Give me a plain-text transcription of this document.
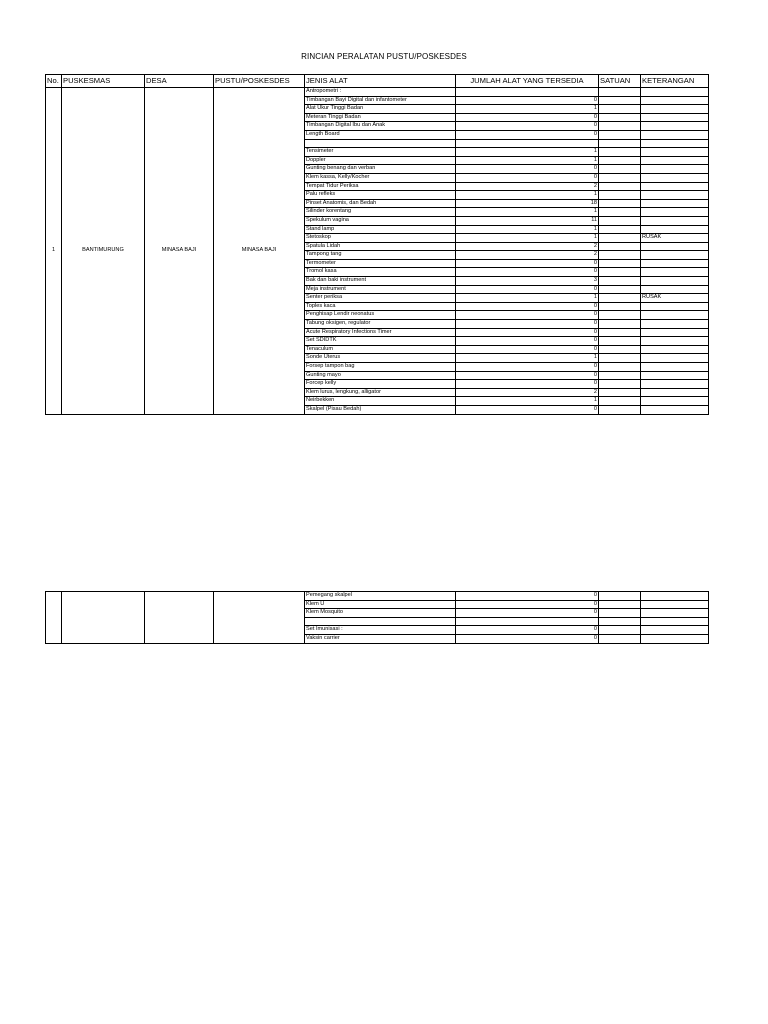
RINCIAN PERALATAN PUSTU/POSKESDES
No.	PUSKESMAS	DESA	PUSTU/POSKESDES	JENIS ALAT	JUMLAH ALAT YANG TERSEDIA	SATUAN	KETERANGAN
1	BANTIMURUNG	MINASA BAJI	MINASA BAJI	Antropometri :			
				Timbangan Bayi Digital dan infantometer	0		
				Alat Ukur Tinggi Badan	1		
				Meteran Tinggi Badan	0		
				Timbangan Digital Ibu dan Anak	0		
				Length Board	0		

				Tensimeter	1		
				Doppler	1		
				Gunting benang dan verban	0		
				Klem kassa, Kelly/Kocher	0		
				Tempat Tidur Periksa	2		
				Palu refleks	1		
				Pinset Anatomis, dan Bedah	18		
				Silinder korentang	1		
				Spekulum vagina	11		
				Stand lamp	1		
				Stetoskop	1		RUSAK
				Spatula Lidah	2		
				Tampong tang	2		
				Termometer	0		
				Tromol kasa	0		
				Bak dan baki instrument	3		
				Meja instrument	0		
				Senter periksa	1		RUSAK
				Toples kaca	0		
				Penghisap Lendir neonatus	0		
				Tabung oksigen, regulator	0		
				Acute Respiratory Infections Timer	0		
				Set SDIDTK	0		
				Tenaculum	0		
				Sonde Uterus	1		
				Forsep tampon bag	0		
				Gunting mayo	0		
				Forcep kelly	0		
				Klem lurus, lengkung, alligator	2		
				Neirbekken	1		
				Skalpel (Pisau Bedah)	0		
				Pemegang skalpel	0		
				Klem U	0		
				Klem Mosquito	0		

				Set Imunisasi :	0		
				Vaksin carrier	0		
